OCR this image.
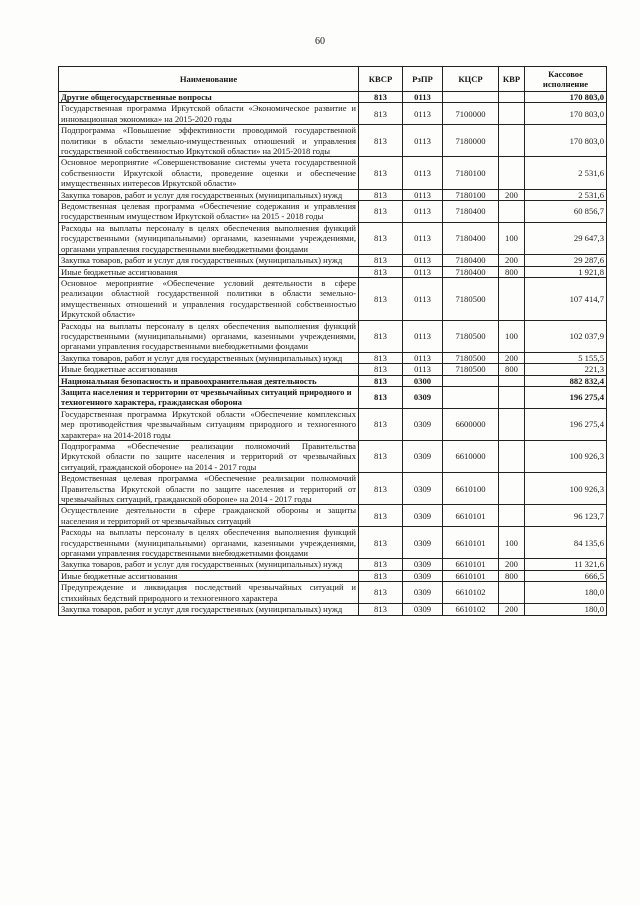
60
Наименование	КВСР	РзПР	КЦСР	КВР	Кассовое исполнение
Другие общегосударственные вопросы	813	0113			170 803,0
Государственная программа Иркутской области «Экономическое развитие и инновационная экономика» на 2015-2020 годы	813	0113	7100000		170 803,0
Подпрограмма «Повышение эффективности проводимой государственной политики в области земельно-имущественных отношений и управления государственной собственностью Иркутской области» на 2015-2018 годы	813	0113	7180000		170 803,0
Основное мероприятие «Совершенствование системы учета государственной собственности Иркутской области, проведение оценки и обеспечение имущественных интересов Иркутской области»	813	0113	7180100		2 531,6
Закупка товаров, работ и услуг для государственных (муниципальных) нужд	813	0113	7180100	200	2 531,6
Ведомственная целевая программа «Обеспечение содержания и управления государственным имуществом Иркутской области» на 2015 - 2018 годы	813	0113	7180400		60 856,7
Расходы на выплаты персоналу в целях обеспечения выполнения функций государственными (муниципальными) органами, казенными учреждениями, органами управления государственными внебюджетными фондами	813	0113	7180400	100	29 647,3
Закупка товаров, работ и услуг для государственных (муниципальных) нужд	813	0113	7180400	200	29 287,6
Иные бюджетные ассигнования	813	0113	7180400	800	1 921,8
Основное мероприятие «Обеспечение условий деятельности в сфере реализации областной государственной политики в области земельно-имущественных отношений и управления государственной собственностью Иркутской области»	813	0113	7180500		107 414,7
Расходы на выплаты персоналу в целях обеспечения выполнения функций государственными (муниципальными) органами, казенными учреждениями, органами управления государственными внебюджетными фондами	813	0113	7180500	100	102 037,9
Закупка товаров, работ и услуг для государственных (муниципальных) нужд	813	0113	7180500	200	5 155,5
Иные бюджетные ассигнования	813	0113	7180500	800	221,3
Национальная безопасность и правоохранительная деятельность	813	0300			882 832,4
Защита населения и территории от чрезвычайных ситуаций природного и техногенного характера, гражданская оборона	813	0309			196 275,4
Государственная программа Иркутской области «Обеспечение комплексных мер противодействия чрезвычайным ситуациям природного и техногенного характера» на 2014-2018 годы	813	0309	6600000		196 275,4
Подпрограмма «Обеспечение реализации полномочий Правительства Иркутской области по защите населения и территорий от чрезвычайных ситуаций, гражданской обороне» на 2014 - 2017 годы	813	0309	6610000		100 926,3
Ведомственная целевая программа «Обеспечение реализации полномочий Правительства Иркутской области по защите населения и территорий от чрезвычайных ситуаций, гражданской обороне» на 2014 - 2017 годы	813	0309	6610100		100 926,3
Осуществление деятельности в сфере гражданской обороны и защиты населения и территорий от чрезвычайных ситуаций	813	0309	6610101		96 123,7
Расходы на выплаты персоналу в целях обеспечения выполнения функций государственными (муниципальными) органами, казенными учреждениями, органами управления государственными внебюджетными фондами	813	0309	6610101	100	84 135,6
Закупка товаров, работ и услуг для государственных (муниципальных) нужд	813	0309	6610101	200	11 321,6
Иные бюджетные ассигнования	813	0309	6610101	800	666,5
Предупреждение и ликвидация последствий чрезвычайных ситуаций и стихийных бедствий природного и техногенного характера	813	0309	6610102		180,0
Закупка товаров, работ и услуг для государственных (муниципальных) нужд	813	0309	6610102	200	180,0
